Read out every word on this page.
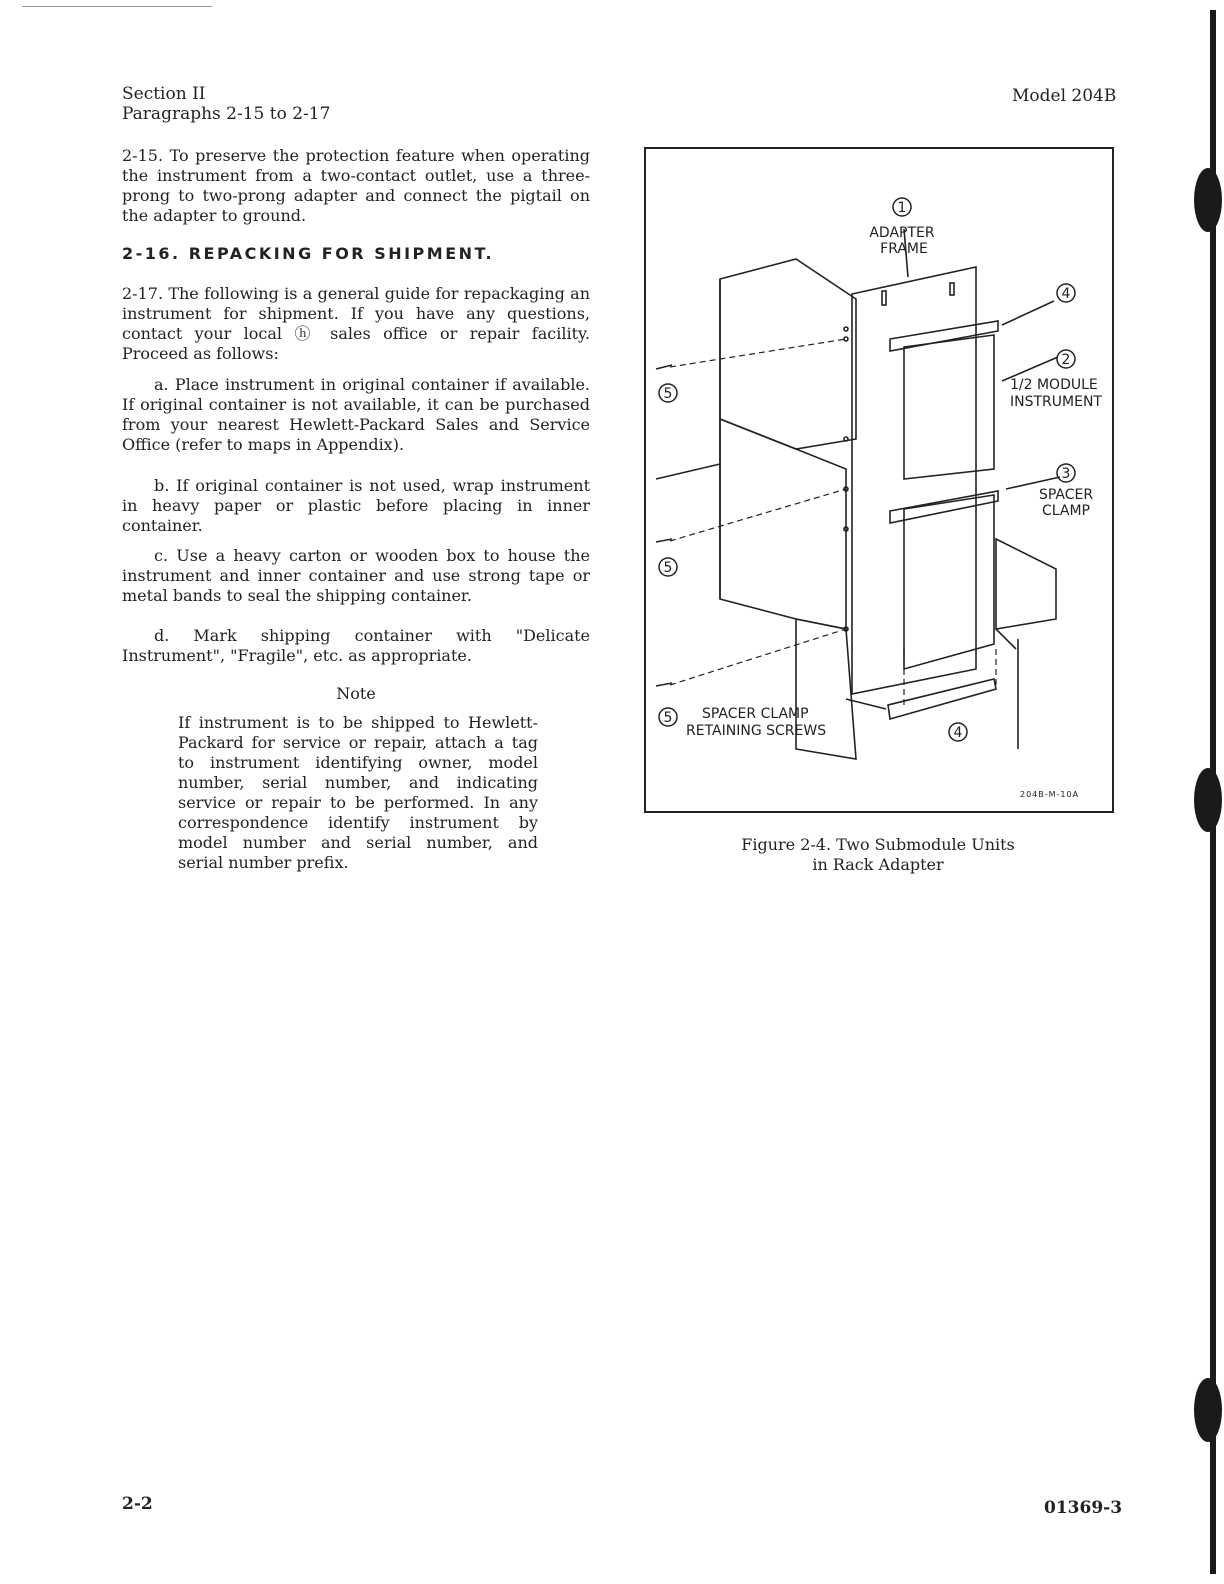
Section II
Paragraphs 2-15 to 2-17
Model 204B

2-15. To preserve the protection feature when operating the instrument from a two-contact outlet, use a three-prong to two-prong adapter and connect the pigtail on the adapter to ground.

2-16. REPACKING FOR SHIPMENT.

2-17. The following is a general guide for repackaging an instrument for shipment. If you have any questions, contact your local ⓗ sales office or repair facility. Proceed as follows:

a. Place instrument in original container if available. If original container is not available, it can be purchased from your nearest Hewlett-Packard Sales and Service Office (refer to maps in Appendix).

b. If original container is not used, wrap instrument in heavy paper or plastic before placing in inner container.

c. Use a heavy carton or wooden box to house the instrument and inner container and use strong tape or metal bands to seal the shipping container.

d. Mark shipping container with "Delicate Instrument", "Fragile", etc. as appropriate.

Note
If instrument is to be shipped to Hewlett-Packard for service or repair, attach a tag to instrument identifying owner, model number, serial number, and indicating service or repair to be performed. In any correspondence identify instrument by model number and serial number, and serial number prefix.
1
2
3
4
4
5
5
5
ADAPTER
FRAME
SPACER
CLAMP
1/2 MODULE
INSTRUMENT
SPACER CLAMP
RETAINING SCREWS
204B-M-10A
Figure 2-4. Two Submodule Units
in Rack Adapter
2-2	01369-3
